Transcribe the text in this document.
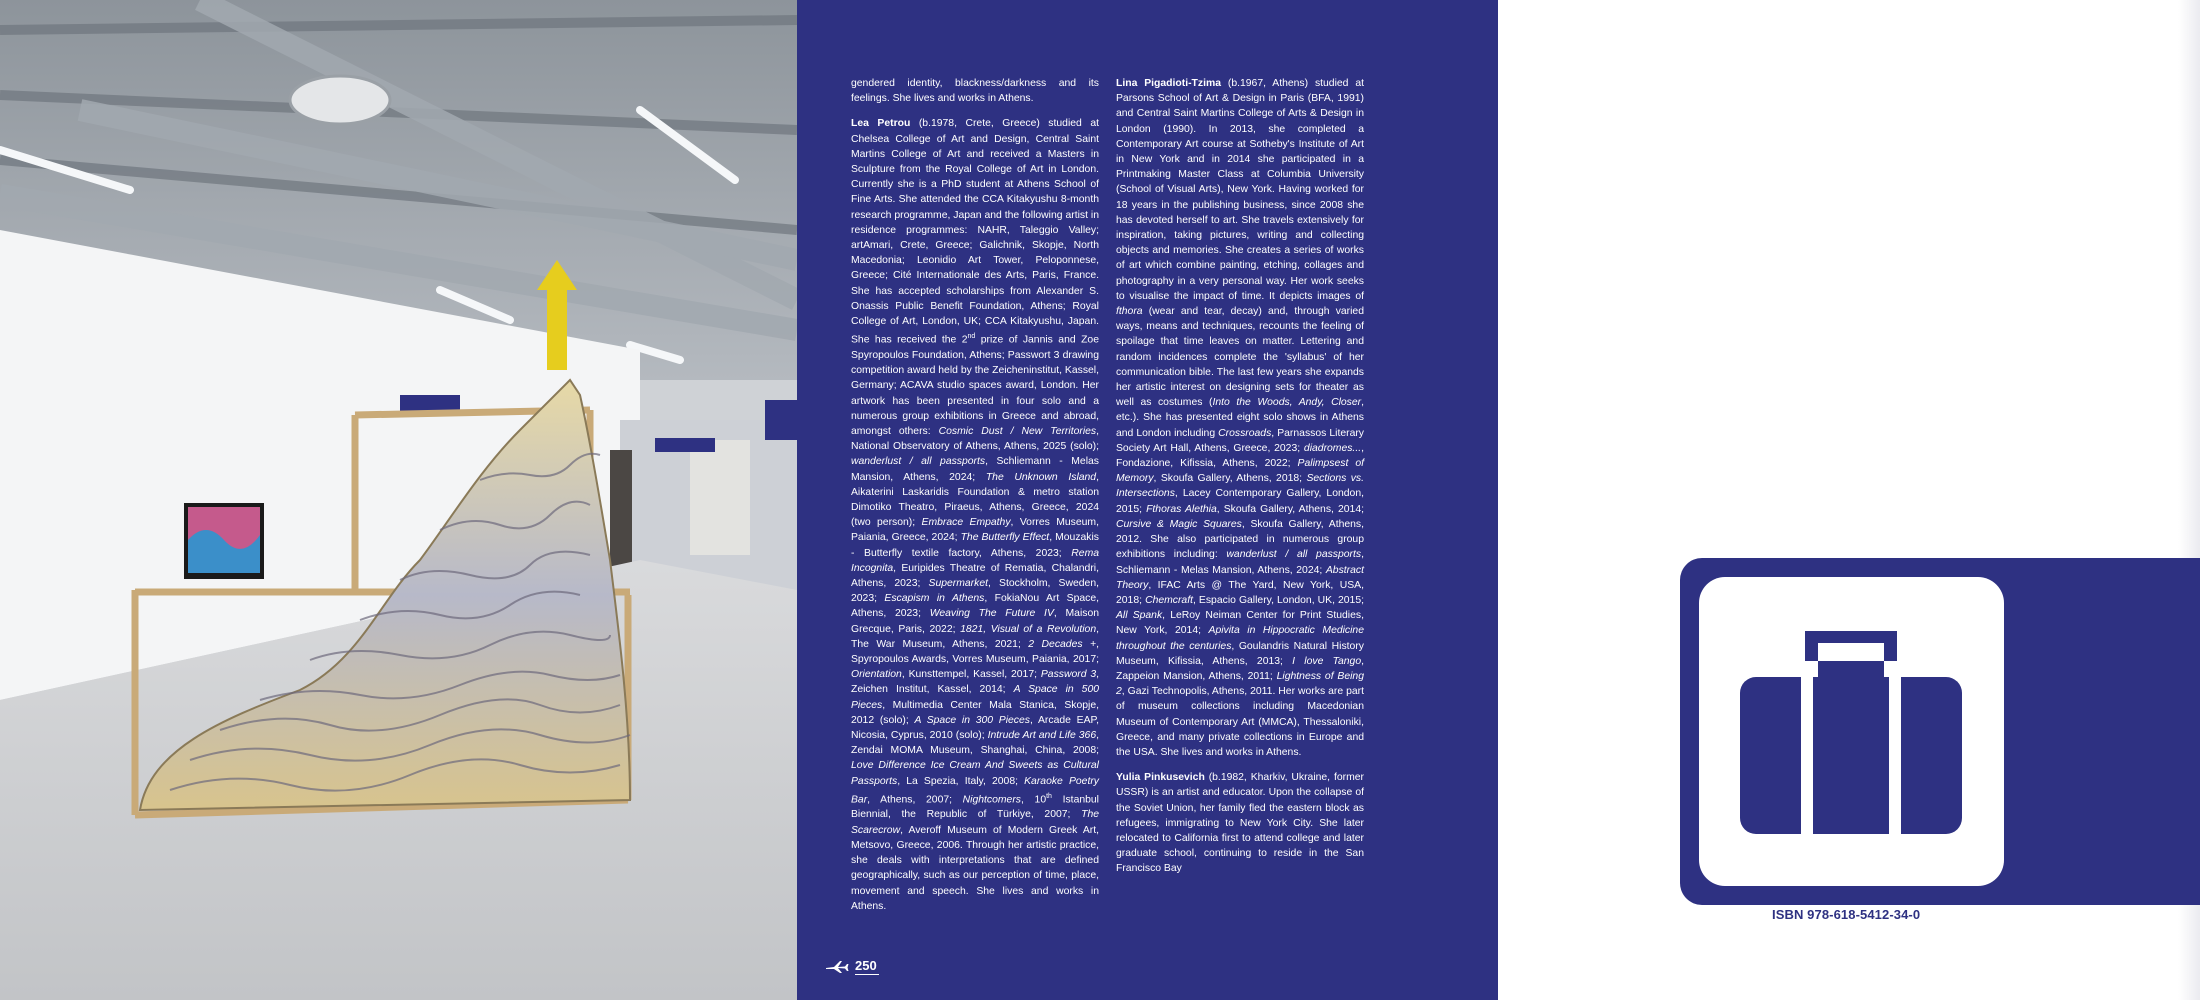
gendered identity, blackness/darkness and its feelings. She lives and works in Athens.

Lea Petrou (b.1978, Crete, Greece) studied at Chelsea College of Art and Design, Central Saint Martins College of Art and received a Masters in Sculpture from the Royal College of Art in London. Currently she is a PhD student at Athens School of Fine Arts. She attended the CCA Kitakyushu 8-month research programme, Japan and the following artist in residence programmes: NAHR, Taleggio Valley; artAmari, Crete, Greece; Galichnik, Skopje, North Macedonia; Leonidio Art Tower, Peloponnese, Greece; Cité Internationale des Arts, Paris, France. She has accepted scholarships from Alexander S. Onassis Public Benefit Foundation, Athens; Royal College of Art, London, UK; CCA Kitakyushu, Japan. She has received the 2nd prize of Jannis and Zoe Spyropoulos Foundation, Athens; Passwort 3 drawing competition award held by the Zeicheninstitut, Kassel, Germany; ACAVA studio spaces award, London. Her artwork has been presented in four solo and a numerous group exhibitions in Greece and abroad, amongst others: Cosmic Dust / New Territories, National Observatory of Athens, Athens, 2025 (solo); wanderlust / all passports, Schliemann - Melas Mansion, Athens, 2024; The Unknown Island, Aikaterini Laskaridis Foundation & metro station Dimotiko Theatro, Piraeus, Athens, Greece, 2024 (two person); Embrace Empathy, Vorres Museum, Paiania, Greece, 2024; The Butterfly Effect, Mouzakis - Butterfly textile factory, Athens, 2023; Rema Incognita, Euripides Theatre of Rematia, Chalandri, Athens, 2023; Supermarket, Stockholm, Sweden, 2023; Escapism in Athens, FokiaNou Art Space, Athens, 2023; Weaving The Future IV, Maison Grecque, Paris, 2022; 1821, Visual of a Revolution, The War Museum, Athens, 2021; 2 Decades +, Spyropoulos Awards, Vorres Museum, Paiania, 2017; Orientation, Kunsttempel, Kassel, 2017; Password 3, Zeichen Institut, Kassel, 2014; A Space in 500 Pieces, Multimedia Center Mala Stanica, Skopje, 2012 (solo); A Space in 300 Pieces, Arcade EAP, Nicosia, Cyprus, 2010 (solo); Intrude Art and Life 366, Zendai MOMA Museum, Shanghai, China, 2008; Love Difference Ice Cream And Sweets as Cultural Passports, La Spezia, Italy, 2008; Karaoke Poetry Bar, Athens, 2007; Nightcomers, 10th Istanbul Biennial, the Republic of Türkiye, 2007; The Scarecrow, Averoff Museum of Modern Greek Art, Metsovo, Greece, 2006. Through her artistic practice, she deals with interpretations that are defined geographically, such as our perception of time, place, movement and speech. She lives and works in Athens.

Lina Pigadioti-Tzima (b.1967, Athens) studied at Parsons School of Art & Design in Paris (BFA, 1991) and Central Saint Martins College of Arts & Design in London (1990). In 2013, she completed a Contemporary Art course at Sotheby's Institute of Art in New York and in 2014 she participated in a Printmaking Master Class at Columbia University (School of Visual Arts), New York. Having worked for 18 years in the publishing business, since 2008 she has devoted herself to art. She travels extensively for inspiration, taking pictures, writing and collecting objects and memories. She creates a series of works of art which combine painting, etching, collages and photography in a very personal way. Her work seeks to visualise the impact of time. It depicts images of fthora (wear and tear, decay) and, through varied ways, means and techniques, recounts the feeling of spoilage that time leaves on matter. Lettering and random incidences complete the 'syllabus' of her communication bible. The last few years she expands her artistic interest on designing sets for theater as well as costumes (Into the Woods, Andy, Closer, etc.). She has presented eight solo shows in Athens and London including Crossroads, Parnassos Literary Society Art Hall, Athens, Greece, 2023; diadromes..., Fondazione, Kifissia, Athens, 2022; Palimpsest of Memory, Skoufa Gallery, Athens, 2018; Sections vs. Intersections, Lacey Contemporary Gallery, London, 2015; Fthoras Alethia, Skoufa Gallery, Athens, 2014; Cursive & Magic Squares, Skoufa Gallery, Athens, 2012. She also participated in numerous group exhibitions including: wanderlust / all passports, Schliemann - Melas Mansion, Athens, 2024; Abstract Theory, IFAC Arts @ The Yard, New York, USA, 2018; Chemcraft, Espacio Gallery, London, UK, 2015; All Spank, LeRoy Neiman Center for Print Studies, New York, 2014; Apivita in Hippocratic Medicine throughout the centuries, Goulandris Natural History Museum, Kifissia, Athens, 2013; I love Tango, Zappeion Mansion, Athens, 2011; Lightness of Being 2, Gazi Technopolis, Athens, 2011. Her works are part of museum collections including Macedonian Museum of Contemporary Art (MMCA), Thessaloniki, Greece, and many private collections in Europe and the USA. She lives and works in Athens.

Yulia Pinkusevich (b.1982, Kharkiv, Ukraine, former USSR) is an artist and educator. Upon the collapse of the Soviet Union, her family fled the eastern block as refugees, immigrating to New York City. She later relocated to California first to attend college and later graduate school, continuing to reside in the San Francisco Bay

250
ISBN 978-618-5412-34-0
